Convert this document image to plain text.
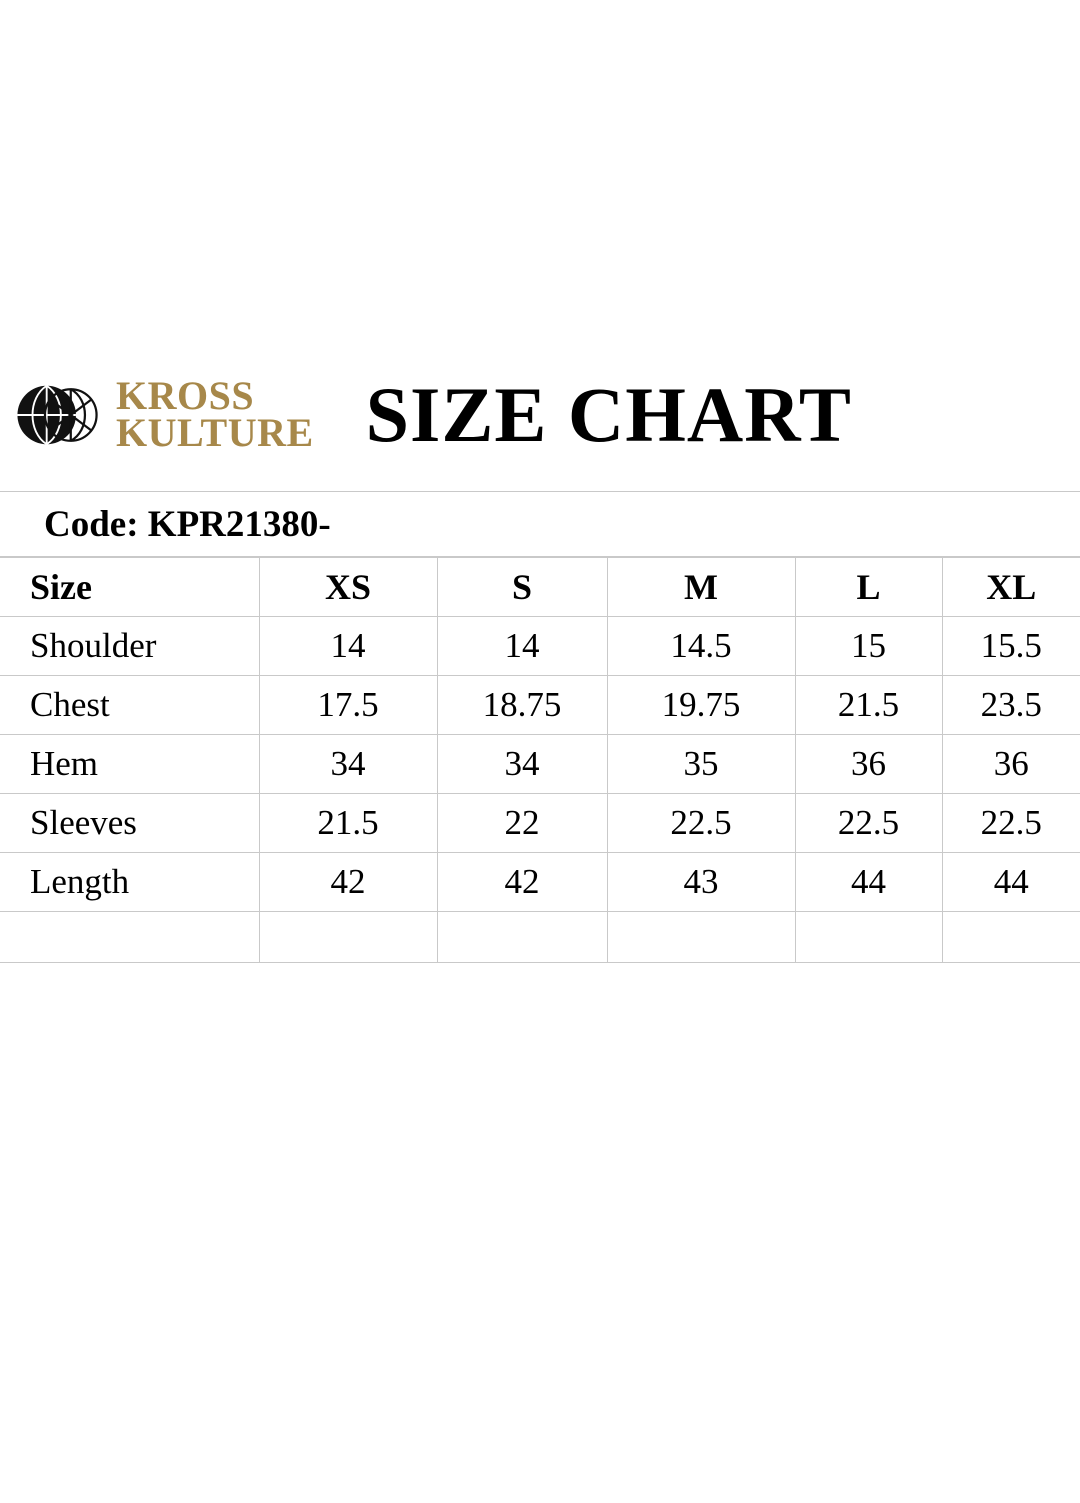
KROSS
KULTURE SIZE CHART
Code: KPR21380-
Size	XS	S	M	L	XL
Shoulder	14	14	14.5	15	15.5
Chest	17.5	18.75	19.75	21.5	23.5
Hem	34	34	35	36	36
Sleeves	21.5	22	22.5	22.5	22.5
Length	42	42	43	44	44
